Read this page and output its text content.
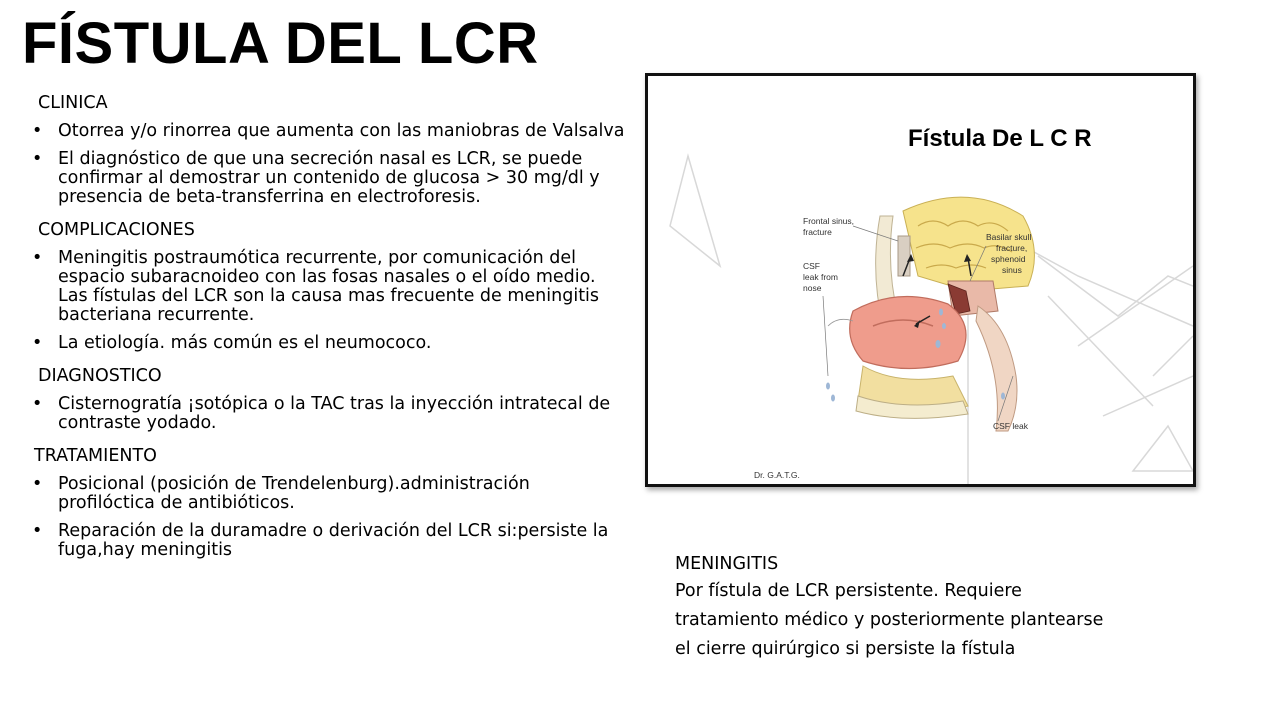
FÍSTULA DEL LCR
CLINICA
• Otorrea y/o rinorrea que aumenta con las maniobras de Valsalva
• El diagnóstico de que una secreción nasal es LCR, se puede confirmar al demostrar un contenido de glucosa > 30 mg/dl y presencia de beta-transferrina en electroforesis.
COMPLICACIONES
• Meningitis postraumótica recurrente, por comunicación del espacio subaracnoideo con las fosas nasales o el oído medio. Las fístulas del LCR son la causa mas frecuente de meningitis bacteriana recurrente.
• La etiología. más común es el neumococo.
DIAGNOSTICO
• Cisternogratía ¡sotópica o la TAC tras la inyección intratecal de contraste yodado.
TRATAMIENTO
• Posicional (posición de Trendelenburg).administración profilóctica de antibióticos.
• Reparación de la duramadre o derivación del LCR si:persiste la fuga,hay meningitis
Fístula De L C R
Frontal sinus,
fracture
CSF
leak from
nose
Basilar skull
fracture,
sphenoid
sinus
CSF leak
Dr. G.A.T.G.
MENINGITIS
Por fístula de LCR persistente. Requiere tratamiento médico y posteriormente plantearse el cierre quirúrgico si persiste la fístula
